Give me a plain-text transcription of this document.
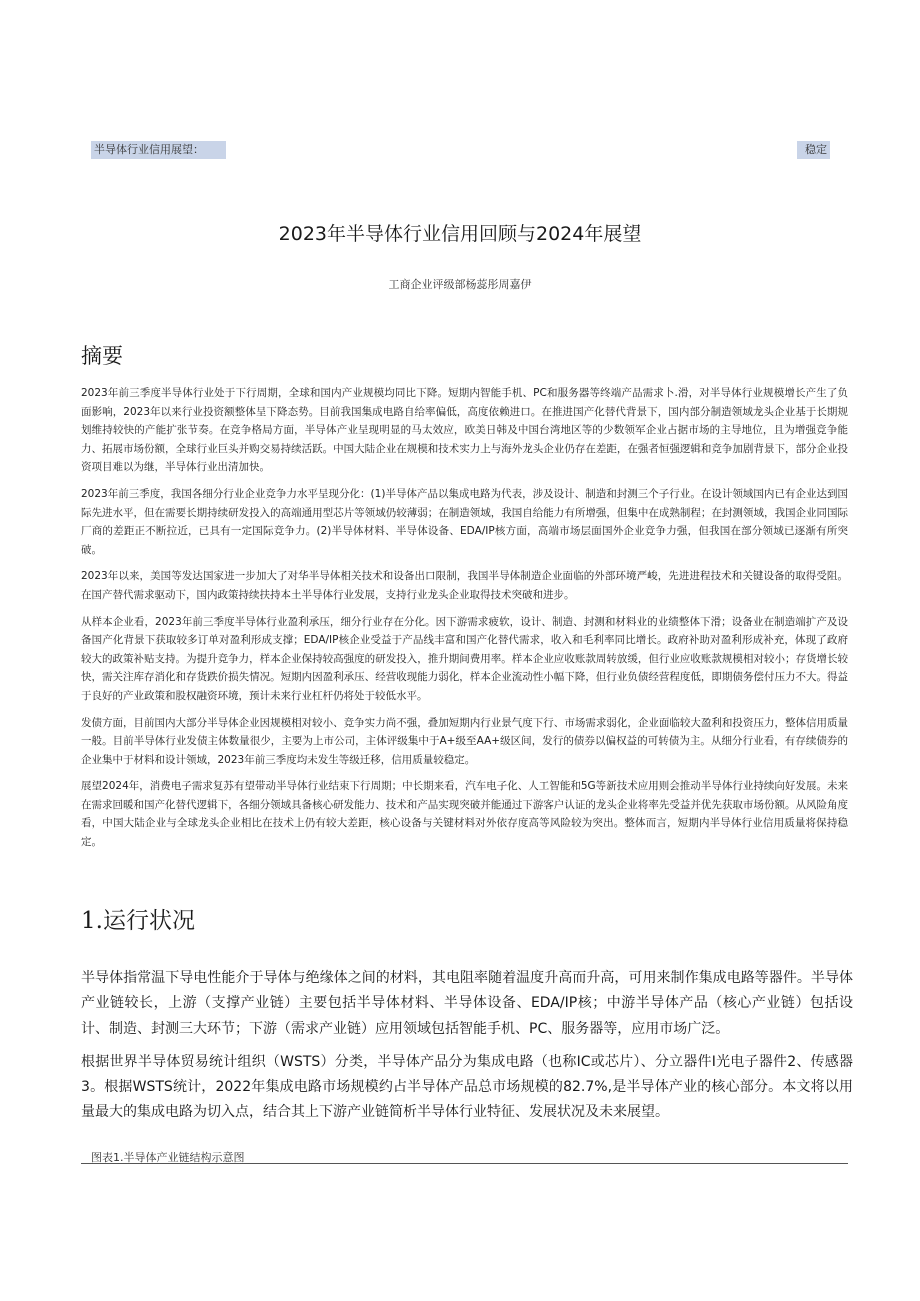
半导体行业信用展望：	稳定
2023年半导体行业信用回顾与2024年展望

工商企业评级部杨蕊彤周嘉伊

摘要

2023年前三季度半导体行业处于下行周期，全球和国内产业规模均同比下降。短期内智能手机、PC和服务器等终端产品需求卜.滑，对半导体行业规模增长产生了负面影响，2023年以来行业投资额整体呈下降态势。目前我国集成电路自给率偏低，高度依赖进口。在推进国产化替代背景下，国内部分制造领域龙头企业基于长期规划维持较快的产能扩张节奏。在竞争格局方面，半导体产业呈现明显的马太效应，欧美日韩及中国台湾地区等的少数领军企业占据市场的主导地位，且为增强竞争能力、拓展市场份额，全球行业巨头并购交易持续活跃。中国大陆企业在规模和技术实力上与海外龙头企业仍存在差距，在强者恒强逻辑和竞争加剧背景下，部分企业投资项目难以为继，半导体行业出清加快。

2023年前三季度，我国各细分行业企业竞争力水平呈现分化：(1)半导体产品以集成电路为代表，涉及设计、制造和封测三个子行业。在设计领域国内已有企业达到国际先进水平，但在需要长期持续研发投入的高端通用型芯片等领域仍较薄弱；在制造领域，我国自给能力有所增强，但集中在成熟制程；在封测领域，我国企业同国际厂商的差距正不断拉近，已具有一定国际竞争力。(2)半导体材料、半导体设备、EDA/IP核方面，高端市场层面国外企业竞争力强，但我国在部分领域已逐渐有所突破。

2023年以来，美国等发达国家进一步加大了对华半导体相关技术和设备出口限制，我国半导体制造企业面临的外部环境严峻，先进进程技术和关键设备的取得受阻。在国产替代需求驱动下，国内政策持续扶持本土半导体行业发展，支持行业龙头企业取得技术突破和进步。

从样本企业看，2023年前三季度半导体行业盈利承压，细分行业存在分化。因下游需求疲软，设计、制造、封测和材料业的业绩整体下滑；设备业在制造端扩产及设备国产化背景下获取较多订单对盈利形成支撑；EDA/IP核企业受益于产品线丰富和国产化替代需求，收入和毛利率同比增长。政府补助对盈利形成补充，体现了政府较大的政策补贴支持。为提升竞争力，样本企业保持较高强度的研发投入，推升期间费用率。样本企业应收账款周转放缓，但行业应收账款规模相对较小；存货增长较快，需关注库存消化和存货跌价损失情况。短期内因盈利承压、经营收现能力弱化，样本企业流动性小幅下降，但行业负债经营程度低，即期债务偿付压力不大。得益于良好的产业政策和股权融资环境，预计未来行业杠杆仍将处于较低水平。

发债方面，目前国内大部分半导体企业因规模相对较小、竞争实力尚不强，叠加短期内行业景气度下行、市场需求弱化，企业面临较大盈利和投资压力，整体信用质量一般。目前半导体行业发债主体数量很少，主要为上市公司，主体评级集中于A+级至AA+级区间，发行的债券以偏权益的可转债为主。从细分行业看，有存续债券的企业集中于材料和设计领域，2023年前三季度均未发生等级迁移，信用质量较稳定。

展望2024年，消费电子需求复苏有望带动半导体行业结束下行周期；中长期来看，汽车电子化、人工智能和5G等新技术应用则会推动半导体行业持续向好发展。未来在需求回暖和国产化替代逻辑下，各细分领域具备核心研发能力、技术和产品实现突破并能通过下游客户认证的龙头企业将率先受益并优先获取市场份额。从风险角度看，中国大陆企业与全球龙头企业相比在技术上仍有较大差距，核心设备与关键材料对外依存度高等风险较为突出。整体而言，短期内半导体行业信用质量将保持稳定。

1.运行状况

半导体指常温下导电性能介于导体与绝缘体之间的材料，其电阻率随着温度升高而升高，可用来制作集成电路等器件。半导体产业链较长，上游（支撑产业链）主要包括半导体材料、半导体设备、EDA/IP核；中游半导体产品（核心产业链）包括设计、制造、封测三大环节；下游（需求产业链）应用领域包括智能手机、PC、服务器等，应用市场广泛。

根据世界半导体贸易统计组织（WSTS）分类，半导体产品分为集成电路（也称IC或芯片）、分立器件I光电子器件2、传感器3。根据WSTS统计，2022年集成电路市场规模约占半导体产品总市场规模的82.7%,是半导体产业的核心部分。本文将以用量最大的集成电路为切入点，结合其上下游产业链简析半导体行业特征、发展状况及未来展望。

图表1.半导体产业链结构示意图
